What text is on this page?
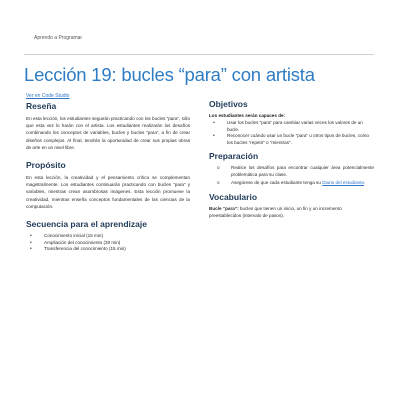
Aprendo a Programar
Lección 19: bucles “para” con artista
Ver en Code Studio
Reseña

En esta lección, los estudiantes seguirán practicando con los bucles “para”, sólo que esta vez lo harán con el artista. Los estudiantes realizarán los desafíos combinando los conceptos de variables, bucles y bucles “para”, a fin de crear diseños complejos. Al final, tendrán la oportunidad de crear sus propias obras de arte en un nivel libre.

Propósito

En esta lección, la creatividad y el pensamiento crítico se complementan magistralmente. Los estudiantes continuarán practicando con bucles “para” y variables, mientras crean asombrosas imágenes. Esta lección promueve la creatividad, mientras enseña conceptos fundamentales de las ciencias de la computación.

Secuencia para el aprendizaje
• Conocimiento inicial (15 min)
• Ampliación del conocimiento (30 min)
• Transferencia del conocimiento (15 min)
Objetivos
Los estudiantes serán capaces de:
• Usar los bucles “para” para cambiar varias veces los valores de un bucle.
• Reconocer cuándo usar un bucle “para” u otros tipos de bucles, como los bucles “repetir” o “mientras”.
Preparación
o Realice los desafíos para encontrar cualquier área potencialmente problemática para su clase.
o Asegúrese de que cada estudiante tenga su Diario del estudiante.
Vocabulario

Bucle “para”: bucles que tienen un inicio, un fin y un incremento preestablecidos (intervalo de pasos).
